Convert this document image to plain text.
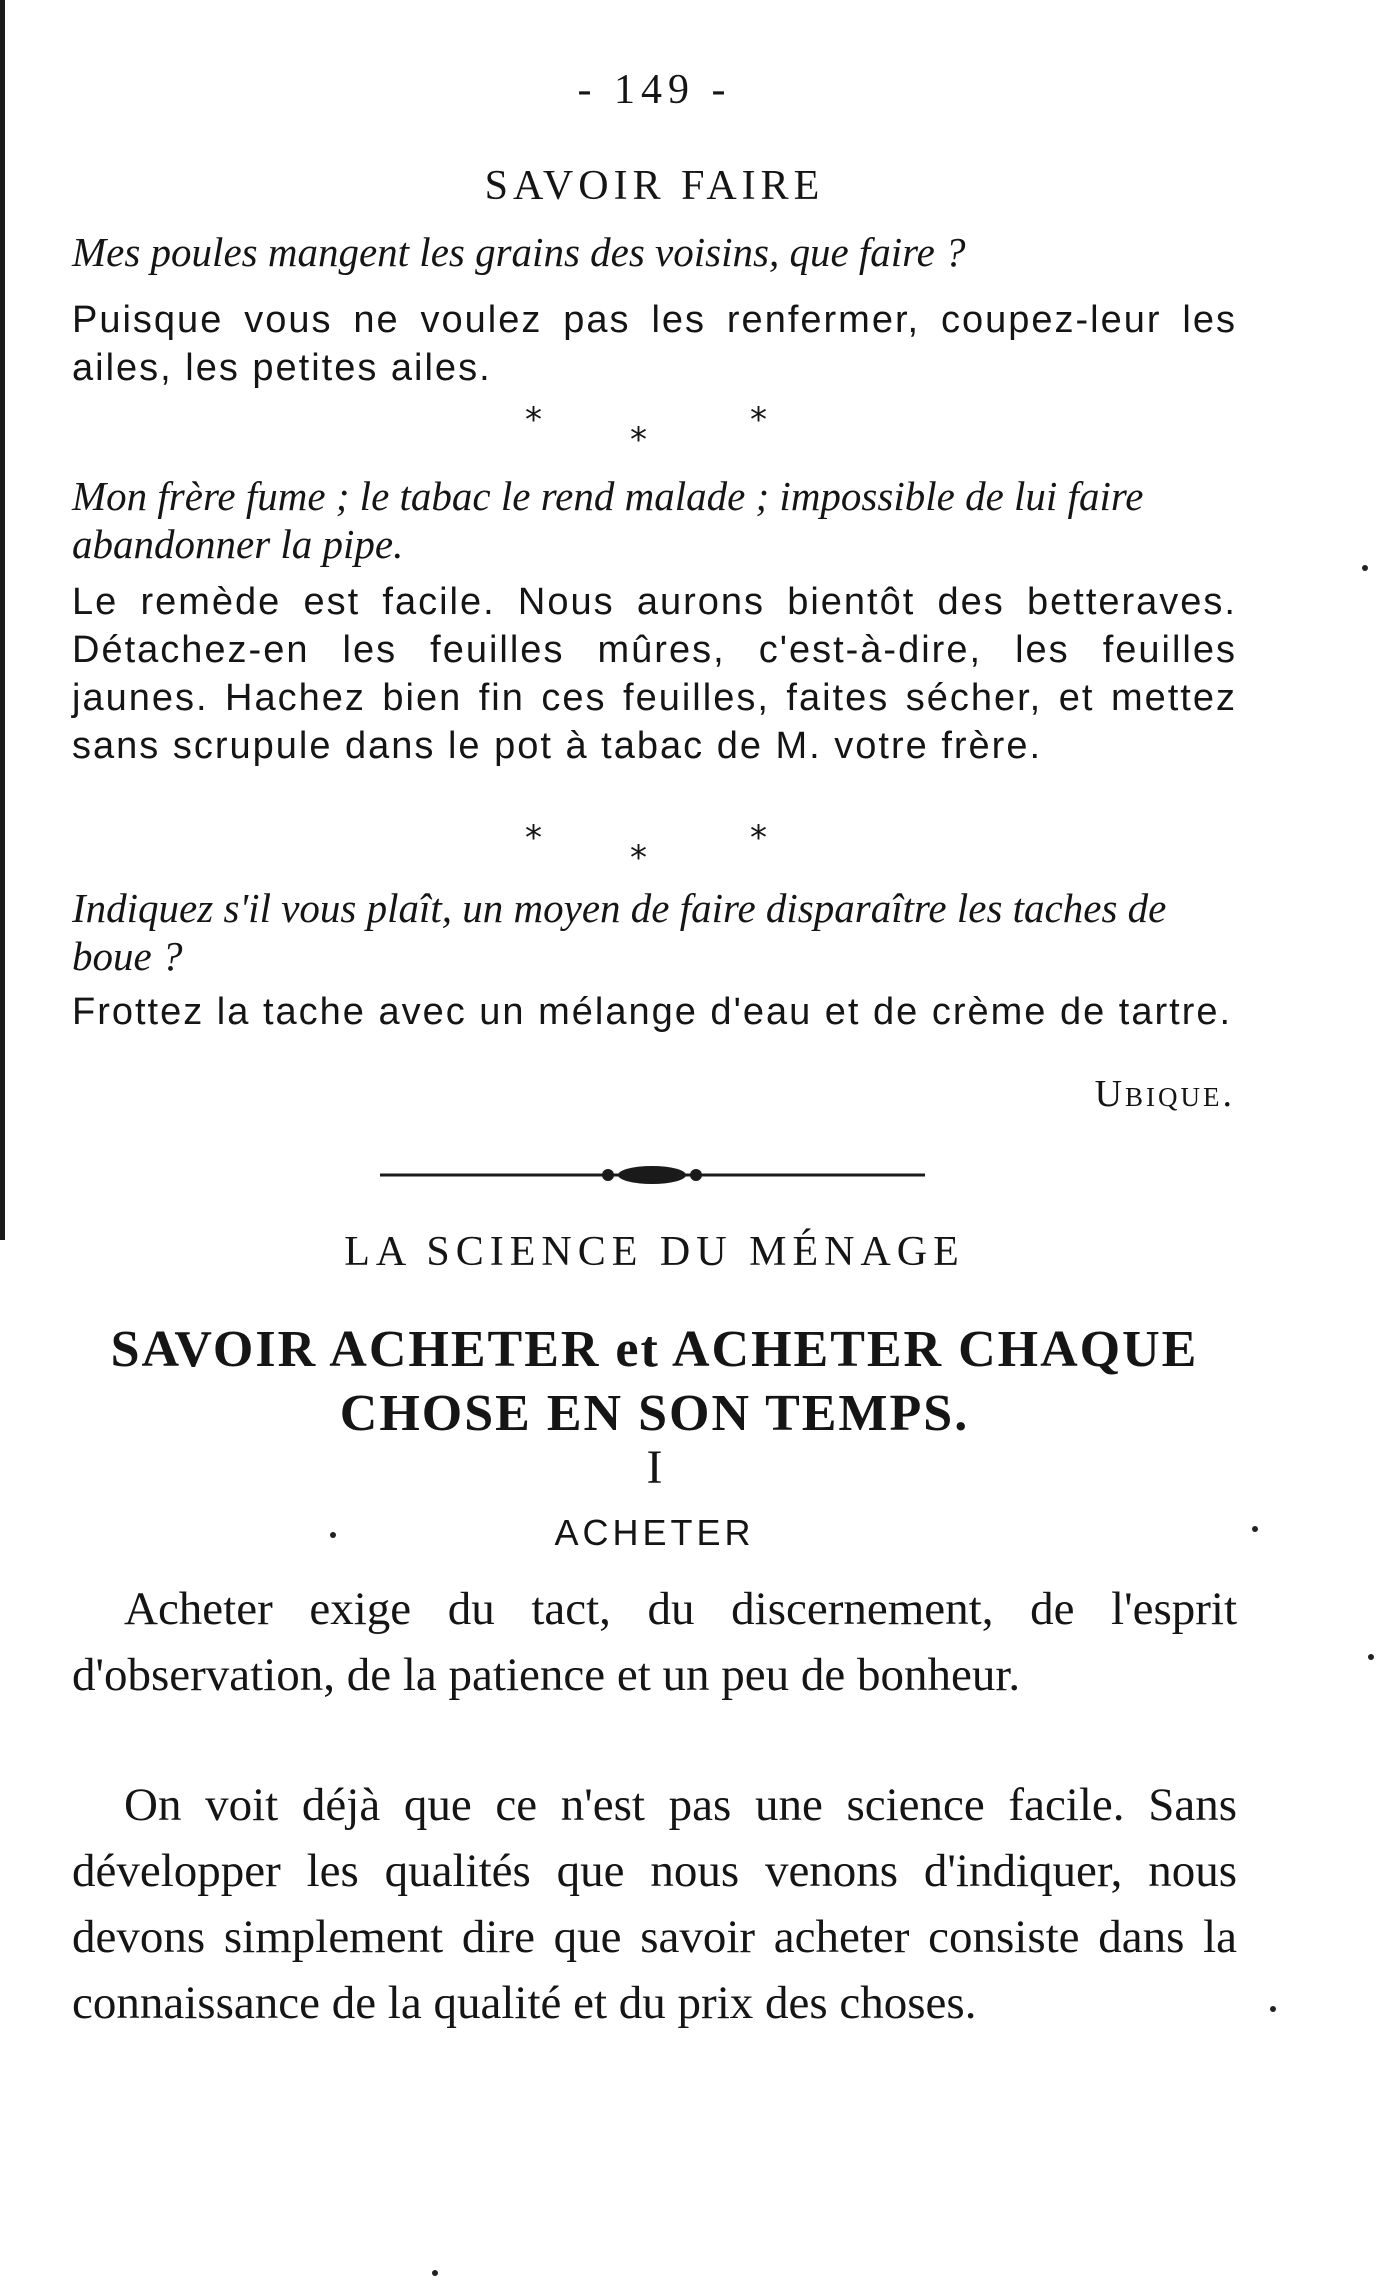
- 149 -
SAVOIR FAIRE
Mes poules mangent les grains des voisins, que faire ?
Puisque vous ne voulez pas les renfermer, coupez-leur les ailes, les petites ailes.
*	*	*
Mon frère fume ; le tabac le rend malade ; impossible de lui faire abandonner la pipe.
Le remède est facile. Nous aurons bientôt des betteraves. Détachez-en les feuilles mûres, c'est-à-dire, les feuilles jaunes. Hachez bien fin ces feuilles, faites sécher, et mettez sans scrupule dans le pot à tabac de M. votre frère.
*	*	*
Indiquez s'il vous plaît, un moyen de faire disparaître les taches de boue ?
Frottez la tache avec un mélange d'eau et de crème de tartre.
Ubique.
LA SCIENCE DU MÉNAGE
SAVOIR ACHETER et ACHETER CHAQUE CHOSE EN SON TEMPS.
I
ACHETER
Acheter exige du tact, du discernement, de l'esprit d'observation, de la patience et un peu de bonheur.
On voit déjà que ce n'est pas une science facile. Sans développer les qualités que nous venons d'indiquer, nous devons simplement dire que savoir acheter consiste dans la connaissance de la qualité et du prix des choses.
